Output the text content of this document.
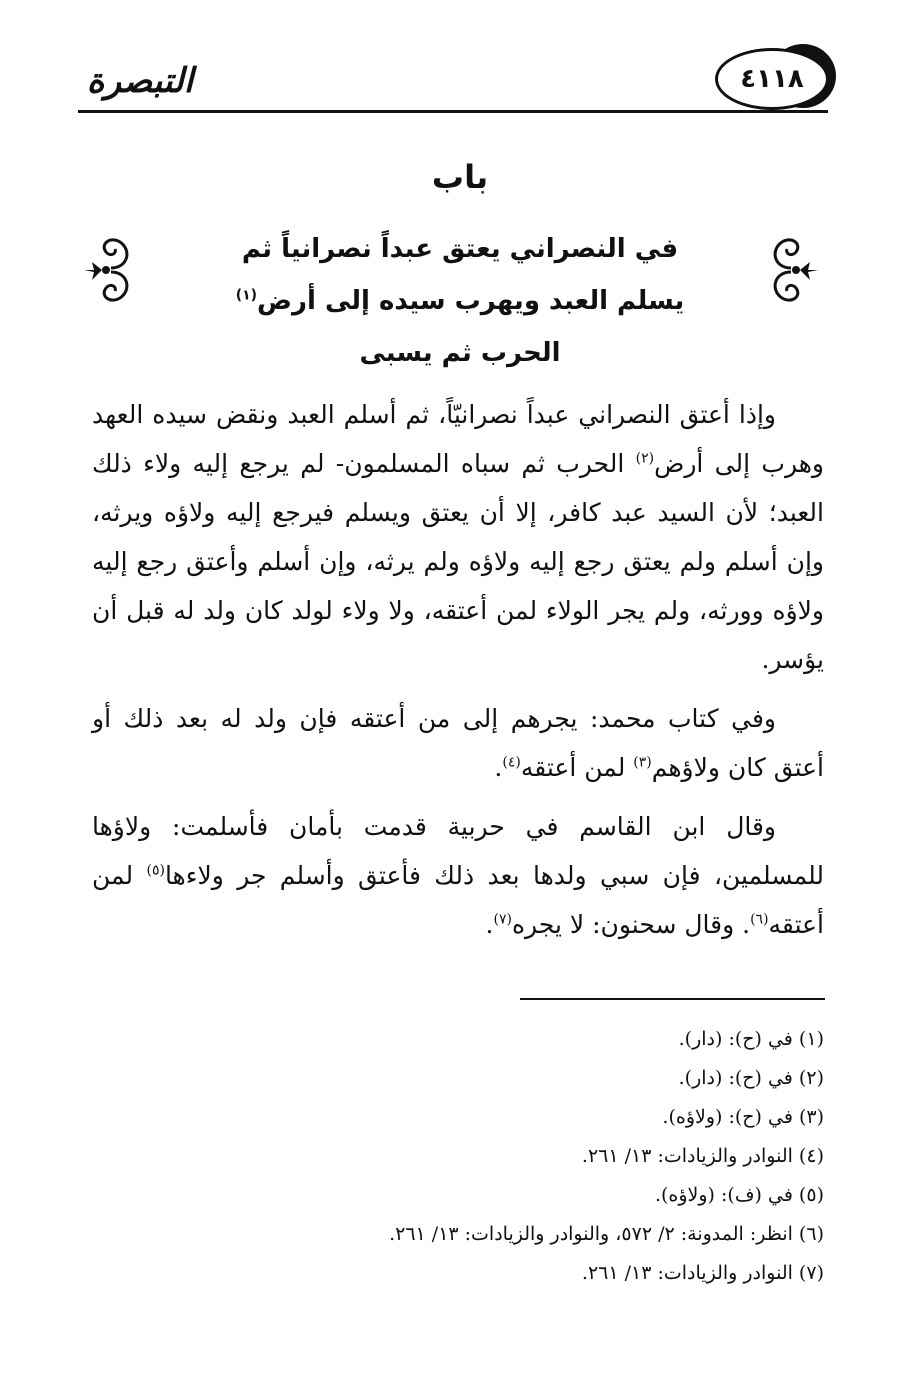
التبصرة	٤١١٨
باب
في النصراني يعتق عبداً نصرانياً ثم
يسلم العبد ويهرب سيده إلى أرض$^{(١)}$
الحرب ثم يسبى

وإذا أعتق النصراني عبداً نصرانيّاً، ثم أسلم العبد ونقض سيده العهد وهرب إلى أرض$^{(٢)}$ الحرب ثم سباه المسلمون- لم يرجع إليه ولاء ذلك العبد؛ لأن السيد عبد كافر، إلا أن يعتق ويسلم فيرجع إليه ولاؤه ويرثه، وإن أسلم ولم يعتق رجع إليه ولاؤه ولم يرثه، وإن أسلم وأعتق رجع إليه ولاؤه وورثه، ولم يجر الولاء لمن أعتقه، ولا ولاء لولد كان ولد له قبل أن يؤسر.

وفي كتاب محمد: يجرهم إلى من أعتقه فإن ولد له بعد ذلك أو أعتق كان ولاؤهم$^{(٣)}$ لمن أعتقه$^{(٤)}$.

وقال ابن القاسم في حربية قدمت بأمان فأسلمت: ولاؤها للمسلمين، فإن سبي ولدها بعد ذلك فأعتق وأسلم جر ولاءها$^{(٥)}$ لمن أعتقه$^{(٦)}$. وقال سحنون: لا يجره$^{(٧)}$.

(١) في (ح): (دار).
(٢) في (ح): (دار).
(٣) في (ح): (ولاؤه).
(٤) النوادر والزيادات: ١٣/ ٢٦١.
(٥) في (ف): (ولاؤه).
(٦) انظر: المدونة: ٢/ ٥٧٢، والنوادر والزيادات: ١٣/ ٢٦١.
(٧) النوادر والزيادات: ١٣/ ٢٦١.
